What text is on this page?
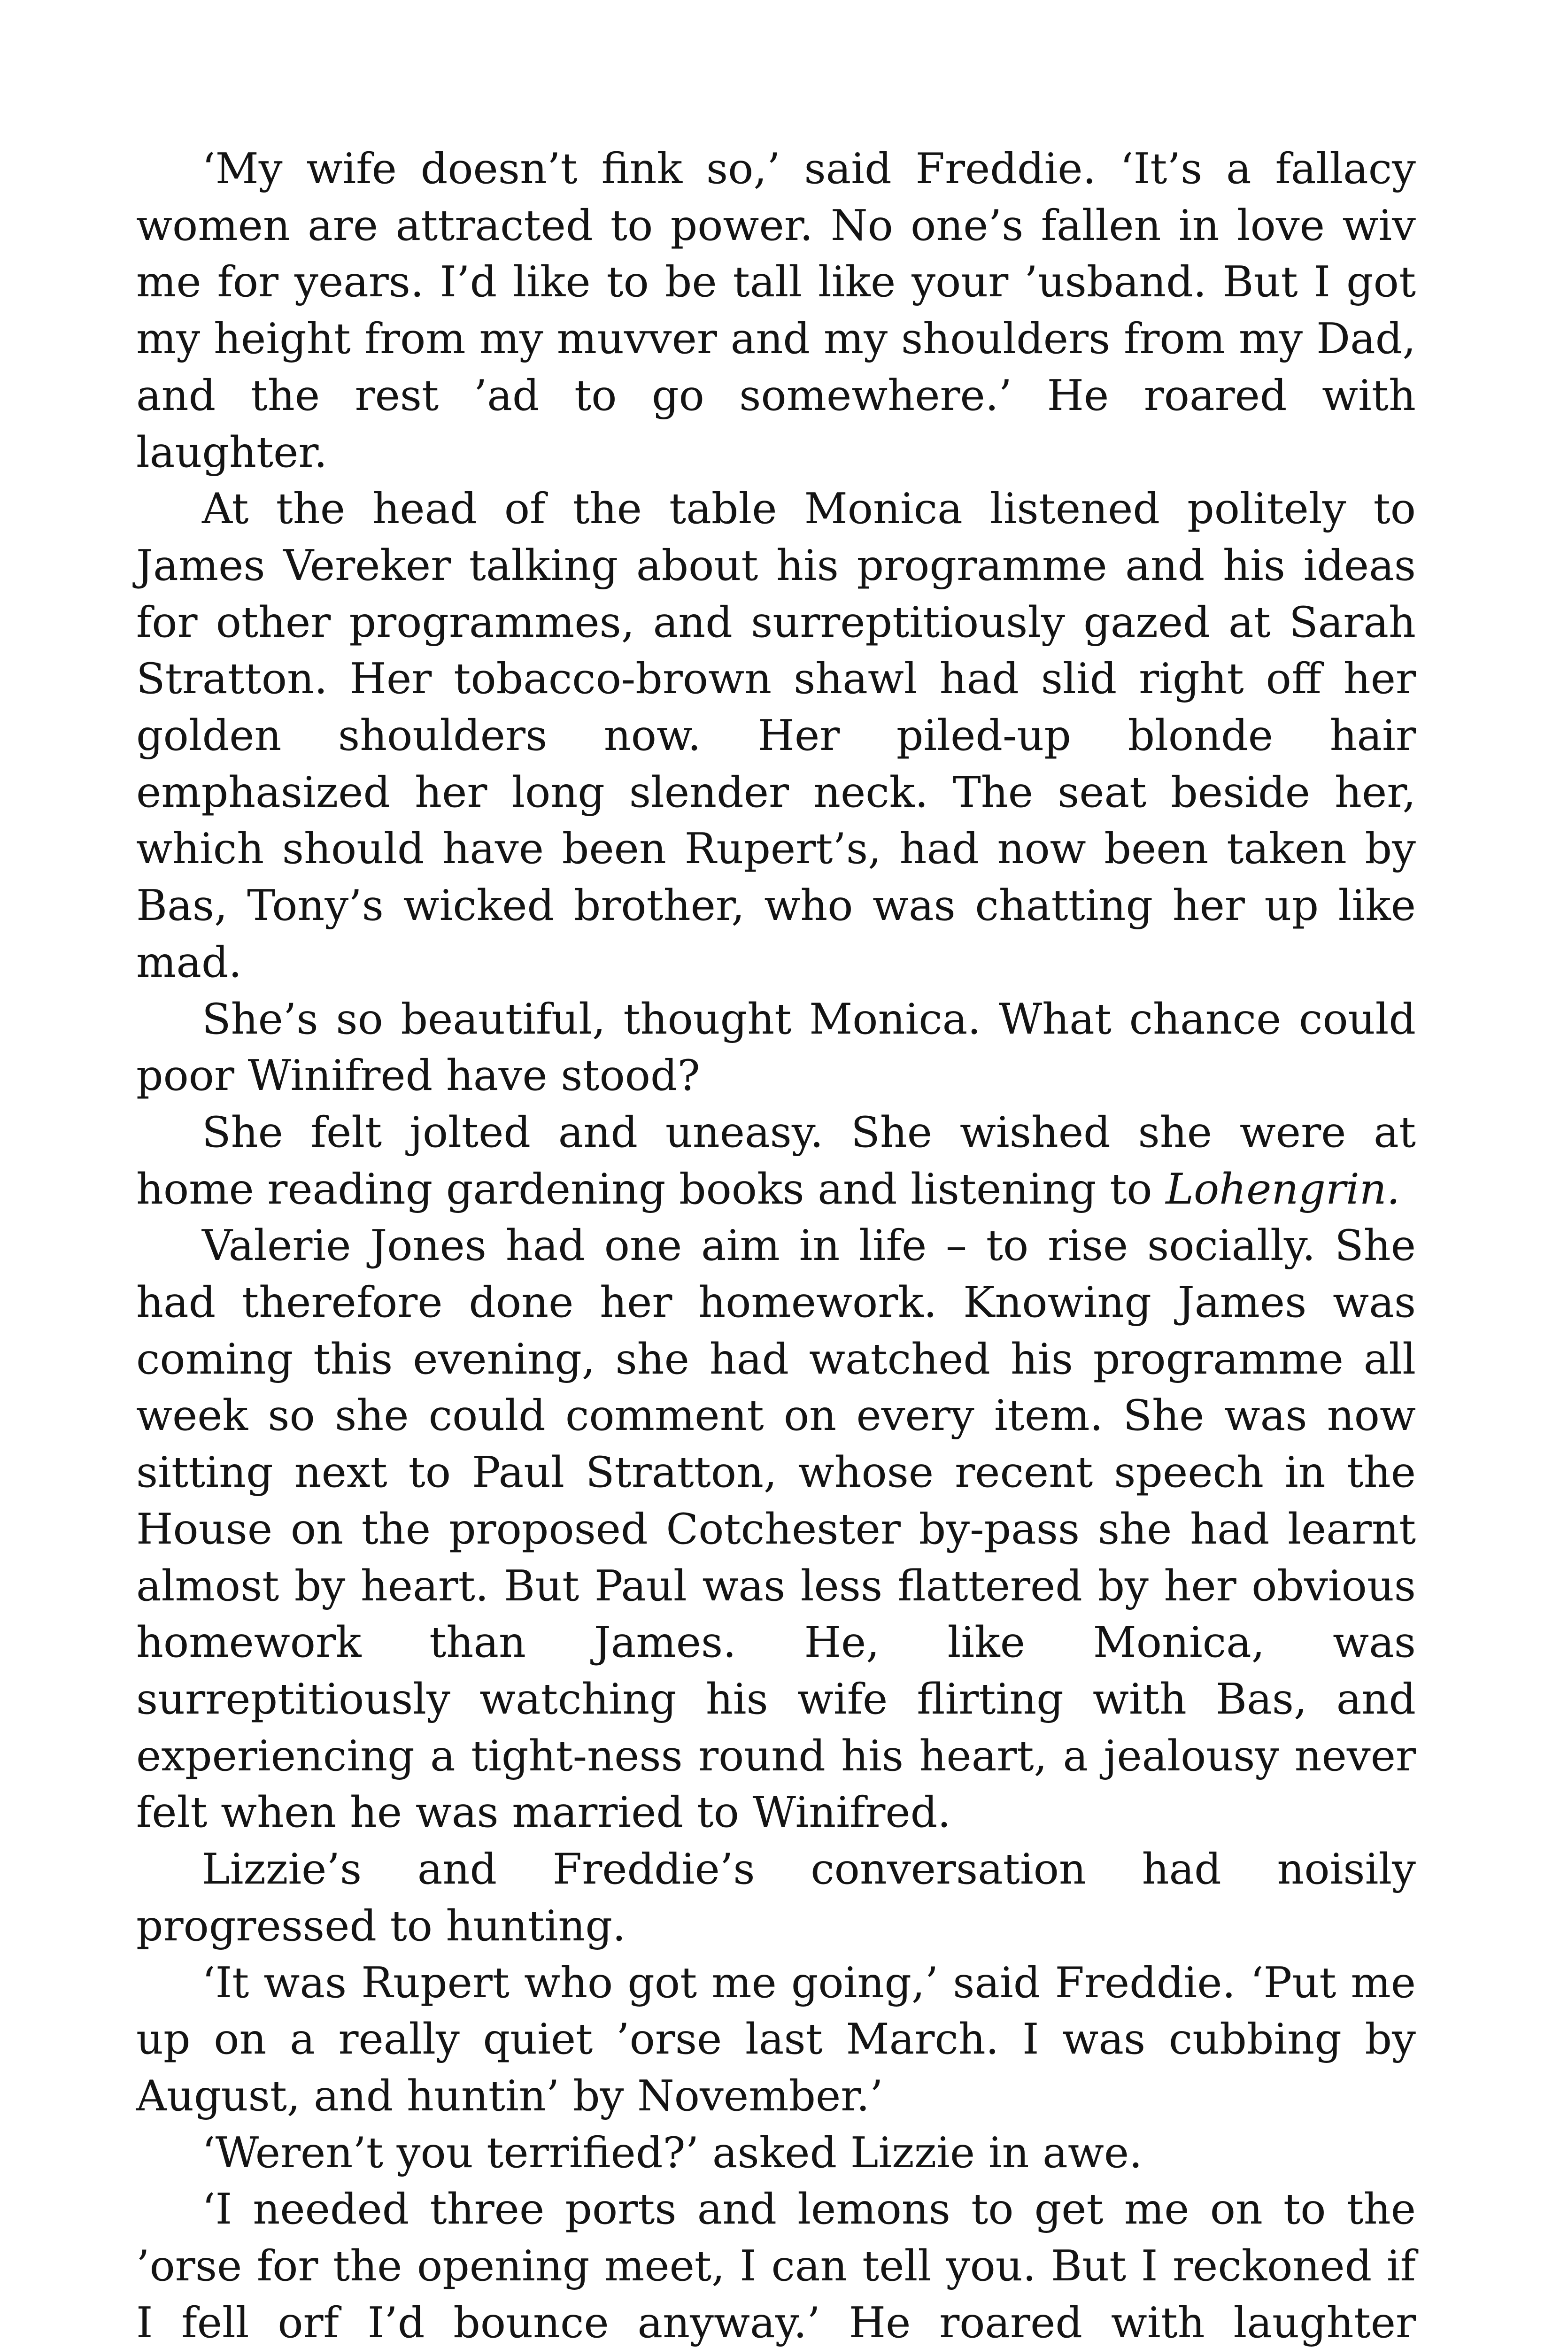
‘My wife doesn’t fink so,’ said Freddie. ‘It’s a fallacy women are attracted to power. No one’s fallen in love wiv me for years. I’d like to be tall like your ’usband. But I got my height from my muvver and my shoulders from my Dad, and the rest ’ad to go somewhere.’ He roared with laughter.

At the head of the table Monica listened politely to James Vereker talking about his programme and his ideas for other programmes, and surreptitiously gazed at Sarah Stratton. Her tobacco-brown shawl had slid right off her golden shoulders now. Her piled-up blonde hair emphasized her long slender neck. The seat beside her, which should have been Rupert’s, had now been taken by Bas, Tony’s wicked brother, who was chatting her up like mad.

She’s so beautiful, thought Monica. What chance could poor Winifred have stood?

She felt jolted and uneasy. She wished she were at home reading gardening books and listening to Lohengrin.

Valerie Jones had one aim in life – to rise socially. She had therefore done her homework. Knowing James was coming this evening, she had watched his programme all week so she could comment on every item. She was now sitting next to Paul Stratton, whose recent speech in the House on the proposed Cotchester by-pass she had learnt almost by heart. But Paul was less flattered by her obvious homework than James. He, like Monica, was surreptitiously watching his wife flirting with Bas, and experiencing a tight-ness round his heart, a jealousy never felt when he was married to Winifred.

Lizzie’s and Freddie’s conversation had noisily progressed to hunting.

‘It was Rupert who got me going,’ said Freddie. ‘Put me up on a really quiet ’orse last March. I was cubbing by August, and huntin’ by November.’

‘Weren’t you terrified?’ asked Lizzie in awe.

‘I needed three ports and lemons to get me on to the ’orse for the opening meet, I can tell you. But I reckoned if I fell orf I’d bounce anyway.’ He roared with laughter
